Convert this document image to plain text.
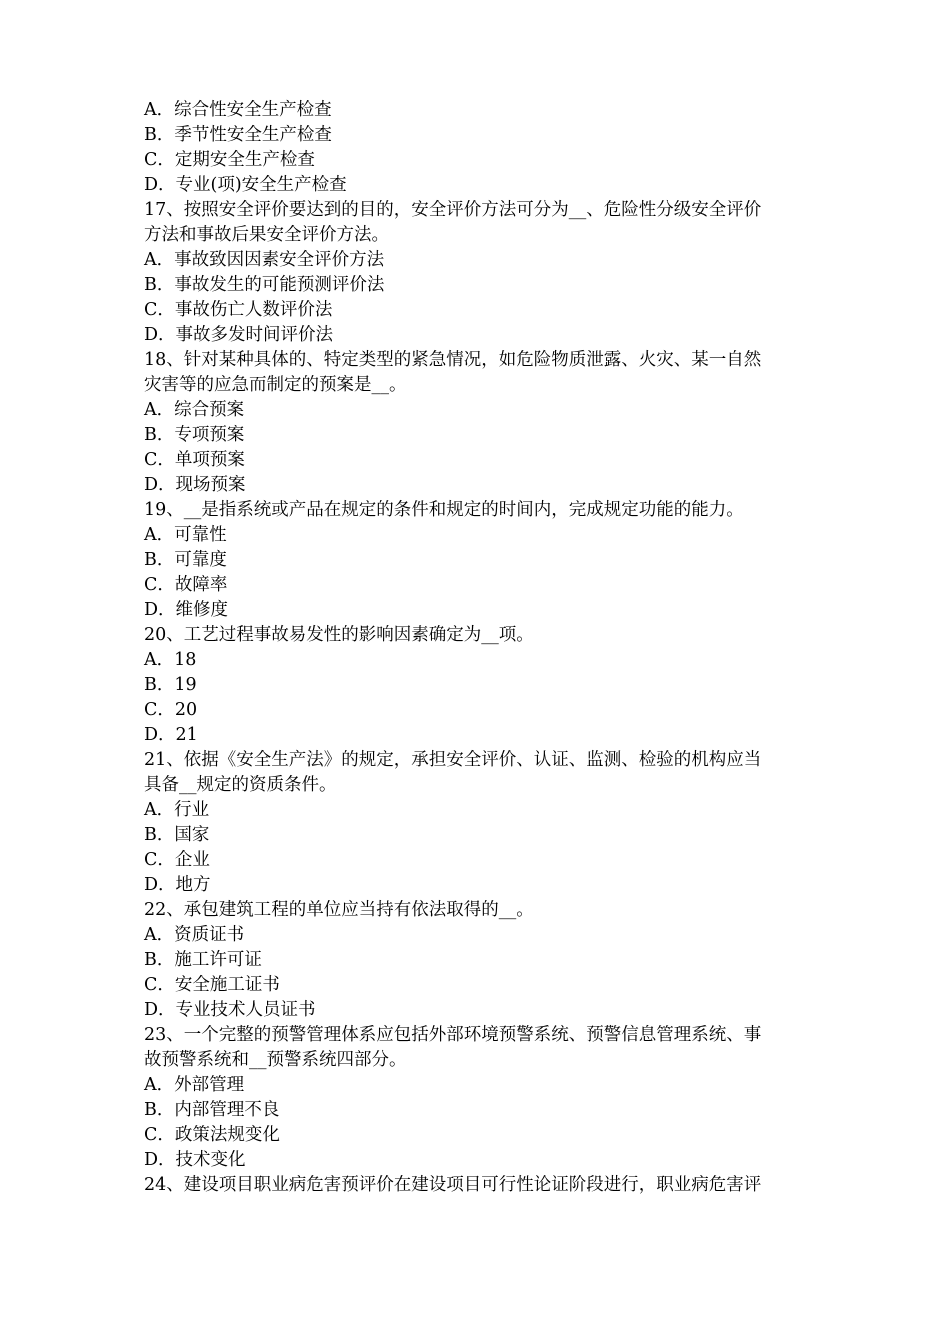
A．综合性安全生产检查
B．季节性安全生产检查
C．定期安全生产检查
D．专业(项)安全生产检查
17、按照安全评价要达到的目的，安全评价方法可分为__、危险性分级安全评价
方法和事故后果安全评价方法。
A．事故致因因素安全评价方法
B．事故发生的可能预测评价法
C．事故伤亡人数评价法
D．事故多发时间评价法
18、针对某种具体的、特定类型的紧急情况，如危险物质泄露、火灾、某一自然
灾害等的应急而制定的预案是__。
A．综合预案
B．专项预案
C．单项预案
D．现场预案
19、__是指系统或产品在规定的条件和规定的时间内，完成规定功能的能力。
A．可靠性
B．可靠度
C．故障率
D．维修度
20、工艺过程事故易发性的影响因素确定为__项。
A．18
B．19
C．20
D．21
21、依据《安全生产法》的规定，承担安全评价、认证、监测、检验的机构应当
具备__规定的资质条件。
A．行业
B．国家
C．企业
D．地方
22、承包建筑工程的单位应当持有依法取得的__。
A．资质证书
B．施工许可证
C．安全施工证书
D．专业技术人员证书
23、一个完整的预警管理体系应包括外部环境预警系统、预警信息管理系统、事
故预警系统和__预警系统四部分。
A．外部管理
B．内部管理不良
C．政策法规变化
D．技术变化
24、建设项目职业病危害预评价在建设项目可行性论证阶段进行，职业病危害评
